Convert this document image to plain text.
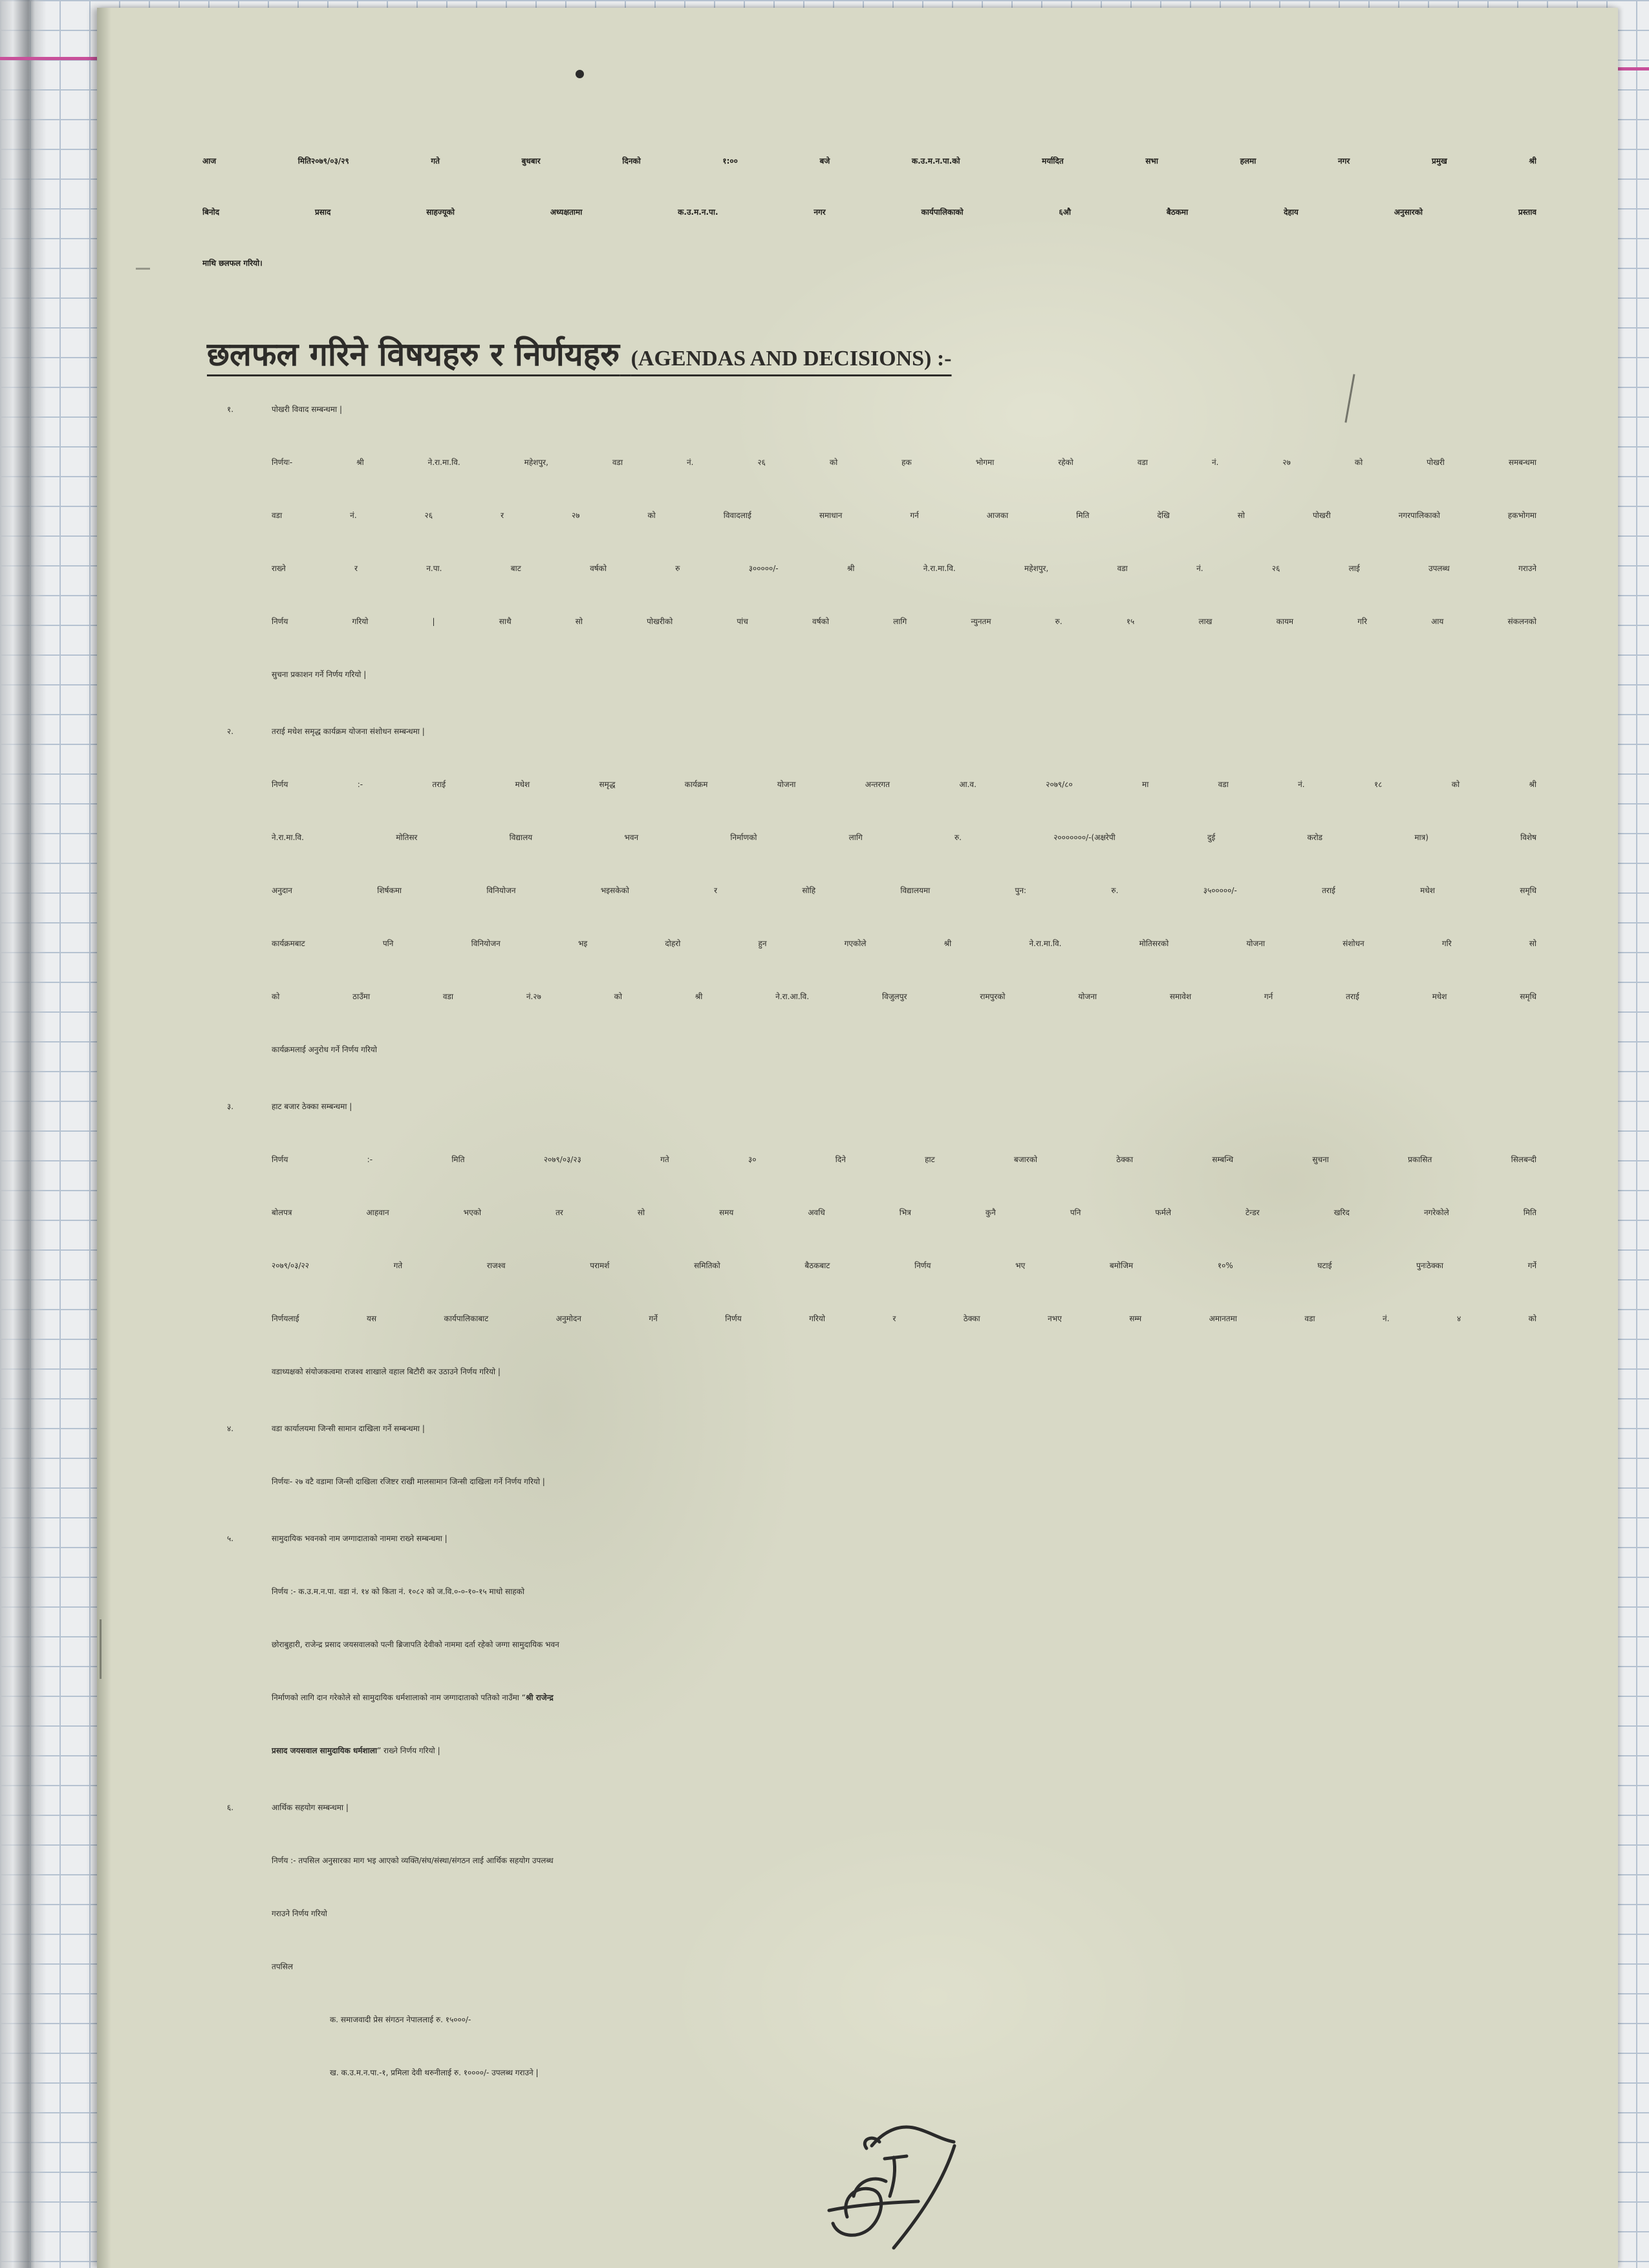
आज मिति२०७९/०३/२९ गते बुधबार दिनको १:०० बजे क.उ.म.न.पा.को मर्यादित सभा हलमा नगर प्रमुख श्री
बिनोद प्रसाद साहज्यूको अध्यक्षतामा क.उ.म.न.पा. नगर कार्यपालिकाको ६औ बैठकमा देहाय अनुसारको प्रस्ताव
माथि छलफल गरियो।
छलफल गरिने विषयहरु र निर्णयहरु (AGENDAS AND DECISIONS) :-
१.	पोखरी विवाद सम्बन्धमा |
निर्णयः- श्री ने.रा.मा.वि. महेशपुर, वडा नं. २६ को हक भोगमा रहेको वडा नं. २७ को पोखरी समबन्धमा
वडा नं. २६ र २७ को विवादलाई समाधान गर्न आजका मिति देखि सो पोखरी नगरपालिकाको हकभोगमा
राख्ने र न.पा. बाट वर्षको रु ३०००००/- श्री ने.रा.मा.वि. महेशपुर, वडा नं. २६ लाई उपलब्ध गराउने
निर्णय गरियो | साथै सो पोखरीको पांच वर्षको लागि न्युनतम रु. १५ लाख कायम गरि आय संकलनको
सुचना प्रकाशन गर्ने निर्णय गरियो |
२.	तराई मधेश समृद्ध कार्यक्रम योजना संशोधन सम्बन्धमा |
निर्णय :- तराई मधेश समृद्ध कार्यक्रम योजना अन्तरगत आ.व. २०७९/८० मा वडा नं. १८ को श्री
ने.रा.मा.वि. मोतिसर विद्यालय भवन निर्माणको लागि रु. २०००००००/-(अक्षरेपी दुई करोड मात्र) विशेष
अनुदान शिर्षकमा विनियोजन भइसकेको र सोहि विद्यालयमा पुन: रु. ३५०००००/- तराई मधेश समृधि
कार्यक्रमबाट पनि विनियोजन भइ दोहरो हुन गएकोले श्री ने.रा.मा.वि. मोतिसरको योजना संशोधन गरि सो
को ठाउँमा वडा नं.२७ को श्री ने.रा.आ.वि. विजुलपुर रामपुरको योजना समावेश गर्न तराई मधेश समृधि
कार्यक्रमलाई अनुरोध गर्ने निर्णय गरियो
३.	हाट बजार ठेक्का सम्बन्धमा |
निर्णय :- मिति २०७९/०३/२३ गते ३० दिने हाट बजारको ठेक्का सम्बन्धि सुचना प्रकासित सिलबन्दी
बोलपत्र आहवान भएको तर सो समय अवधि भित्र कुनै पनि फर्मले टेन्डर खरिद नगरेकोले मिति
२०७९/०३/२२ गते राजश्व परामर्श समितिको बैठकबाट निर्णय भए बमोजिम १०% घटाई पुनःठेक्का गर्ने
निर्णयलाई यस कार्यपालिकाबाट अनुमोदन गर्ने निर्णय गरियो र ठेक्का नभए सम्म अमानतमा वडा नं. ४ को
वडाध्यक्षको संयोजकत्वमा राजश्व शाखाले वहाल बिटौरी कर उठाउने निर्णय गरियो |
४.	वडा कार्यालयमा जिन्सी सामान दाखिला गर्ने सम्बन्धमा |
निर्णयः- २७ वटै वडामा जिन्सी दाखिला रजिष्टर राखी मालसामान जिन्सी दाखिला गर्ने निर्णय गरियो |
५.	सामुदायिक भवनको नाम जग्गादाताको नाममा राख्ने सम्बन्धमा |
निर्णय :- क.उ.म.न.पा. वडा नं. १४ को किता नं. १०८२ को ज.वि.०-०-१०-१५ माधो साहको
छोराबुहारी, राजेन्द्र प्रसाद जयसवालको पत्नी ब्रिजापति देवीको नाममा दर्ता रहेको जग्गा सामुदायिक भवन
निर्माणको लागि दान गरेकोले सो सामुदायिक धर्मशालाको नाम जग्गादाताको पतिको नाउँमा “श्री राजेन्द्र
प्रसाद जयसवाल सामुदायिक धर्मशाला” राख्ने निर्णय गरियो |
६.	आर्थिक सहयोग सम्बन्धमा |
निर्णय :- तपसिल अनुसारका माग भइ आएको व्यक्ति/संघ/संस्था/संगठन लाई आर्थिक सहयोग उपलब्ध
गराउने निर्णय गरियो
तपसिल
क. समाजवादी प्रेस संगठन नेपाललाई रु. १५०००/-
ख. क.उ.म.न.पा.-१, प्रमिला देवी थरुनीलाई रु. १००००/- उपलब्ध गराउने |
